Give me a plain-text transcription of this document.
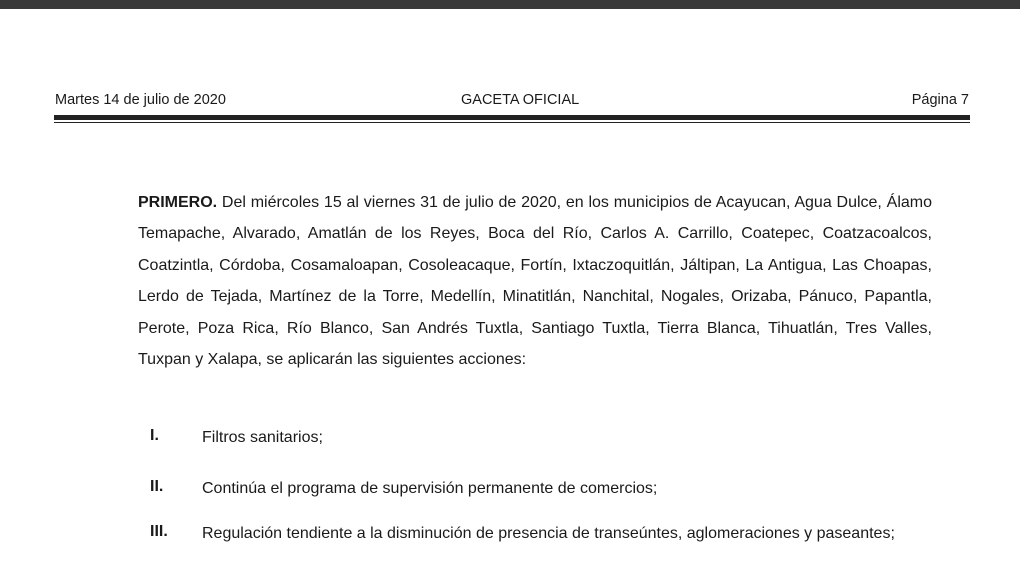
Martes 14 de julio de 2020	GACETA OFICIAL	Página 7
PRIMERO. Del miércoles 15 al viernes 31 de julio de 2020, en los municipios de Acayucan, Agua Dulce, Álamo Temapache, Alvarado, Amatlán de los Reyes, Boca del Río, Carlos A. Carrillo, Coatepec, Coatzacoalcos, Coatzintla, Córdoba, Cosamaloapan, Cosoleacaque, Fortín, Ixtaczoquitlán, Jáltipan, La Antigua, Las Choapas, Lerdo de Tejada, Martínez de la Torre, Medellín, Minatitlán, Nanchital, Nogales, Orizaba, Pánuco, Papantla, Perote, Poza Rica, Río Blanco, San Andrés Tuxtla, Santiago Tuxtla, Tierra Blanca, Tihuatlán, Tres Valles, Tuxpan y Xalapa, se aplicarán las siguientes acciones:
I.	Filtros sanitarios;
II.	Continúa el programa de supervisión permanente de comercios;
III.	Regulación tendiente a la disminución de presencia de transeúntes, aglomeraciones y paseantes;
